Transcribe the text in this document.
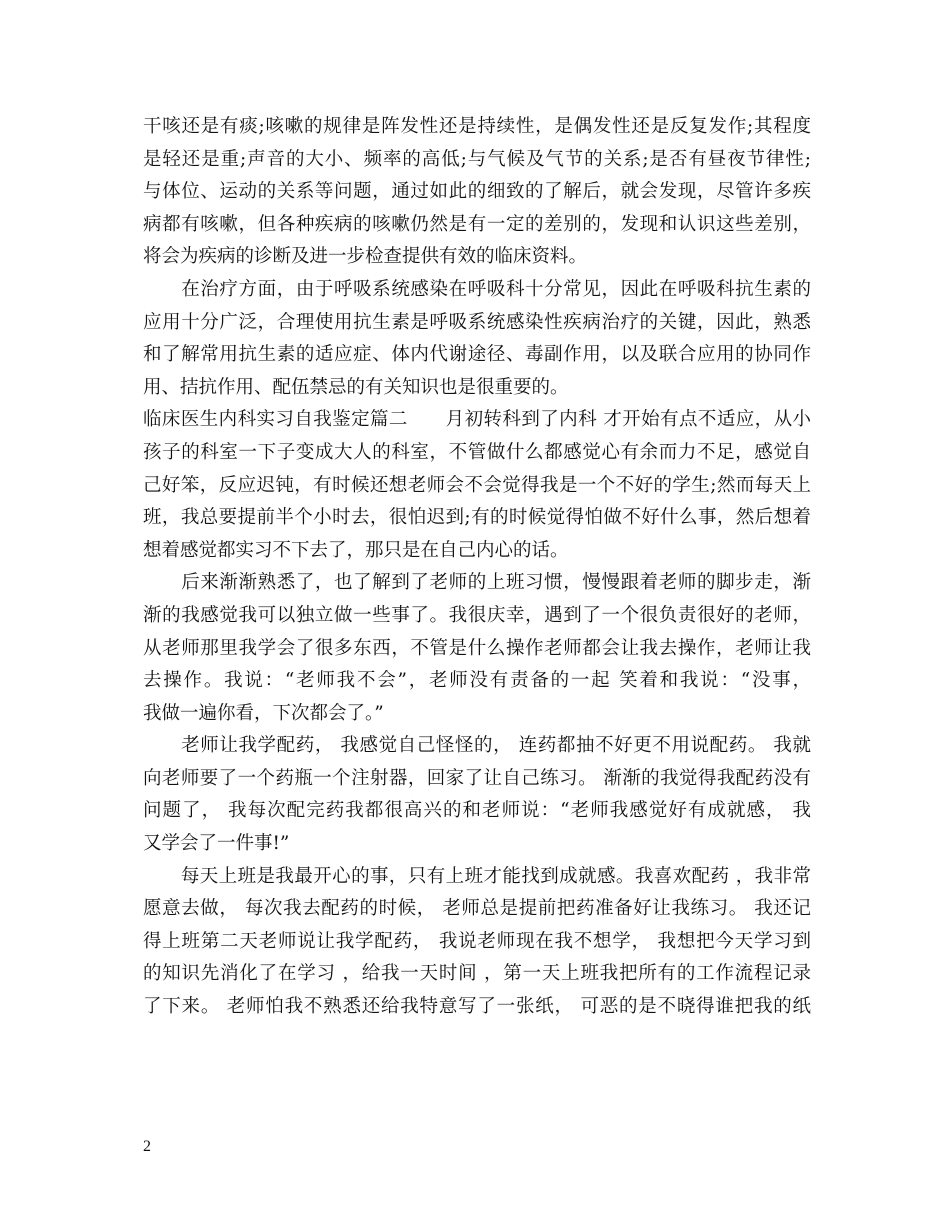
干咳还是有痰;咳嗽的规律是阵发性还是持续性，是偶发性还是反复发作;其程度
是轻还是重;声音的大小、频率的高低;与气候及气节的关系;是否有昼夜节律性;
与体位、运动的关系等问题，通过如此的细致的了解后，就会发现，尽管许多疾
病都有咳嗽，但各种疾病的咳嗽仍然是有一定的差别的，发现和认识这些差别，
将会为疾病的诊断及进一步检查提供有效的临床资料。
　　在治疗方面，由于呼吸系统感染在呼吸科十分常见，因此在呼吸科抗生素的
应用十分广泛，合理使用抗生素是呼吸系统感染性疾病治疗的关键，因此，熟悉
和了解常用抗生素的适应症、体内代谢途径、毒副作用，以及联合应用的协同作
用、拮抗作用、配伍禁忌的有关知识也是很重要的。
临床医生内科实习自我鉴定篇二　　月初转科到了内科 才开始有点不适应，从小
孩子的科室一下子变成大人的科室，不管做什么都感觉心有余而力不足，感觉自
己好笨，反应迟钝，有时候还想老师会不会觉得我是一个不好的学生;然而每天上
班，我总要提前半个小时去，很怕迟到;有的时候觉得怕做不好什么事，然后想着
想着感觉都实习不下去了，那只是在自己内心的话。
　　后来渐渐熟悉了，也了解到了老师的上班习惯，慢慢跟着老师的脚步走，渐
渐的我感觉我可以独立做一些事了。我很庆幸，遇到了一个很负责很好的老师，
从老师那里我学会了很多东西，不管是什么操作老师都会让我去操作，老师让我
去操作。我说：“老师我不会”，老师没有责备的一起 笑着和我说：“没事，
我做一遍你看，下次都会了。”
　　老师让我学配药， 我感觉自己怪怪的， 连药都抽不好更不用说配药。 我就
向老师要了一个药瓶一个注射器，回家了让自己练习。 渐渐的我觉得我配药没有
问题了， 我每次配完药我都很高兴的和老师说：“老师我感觉好有成就感， 我
又学会了一件事!”
　　每天上班是我最开心的事，只有上班才能找到成就感。我喜欢配药 ，我非常
愿意去做， 每次我去配药的时候， 老师总是提前把药准备好让我练习。 我还记
得上班第二天老师说让我学配药， 我说老师现在我不想学， 我想把今天学习到
的知识先消化了在学习 ，给我一天时间 ，第一天上班我把所有的工作流程记录
了下来。 老师怕我不熟悉还给我特意写了一张纸， 可恶的是不晓得谁把我的纸
2
